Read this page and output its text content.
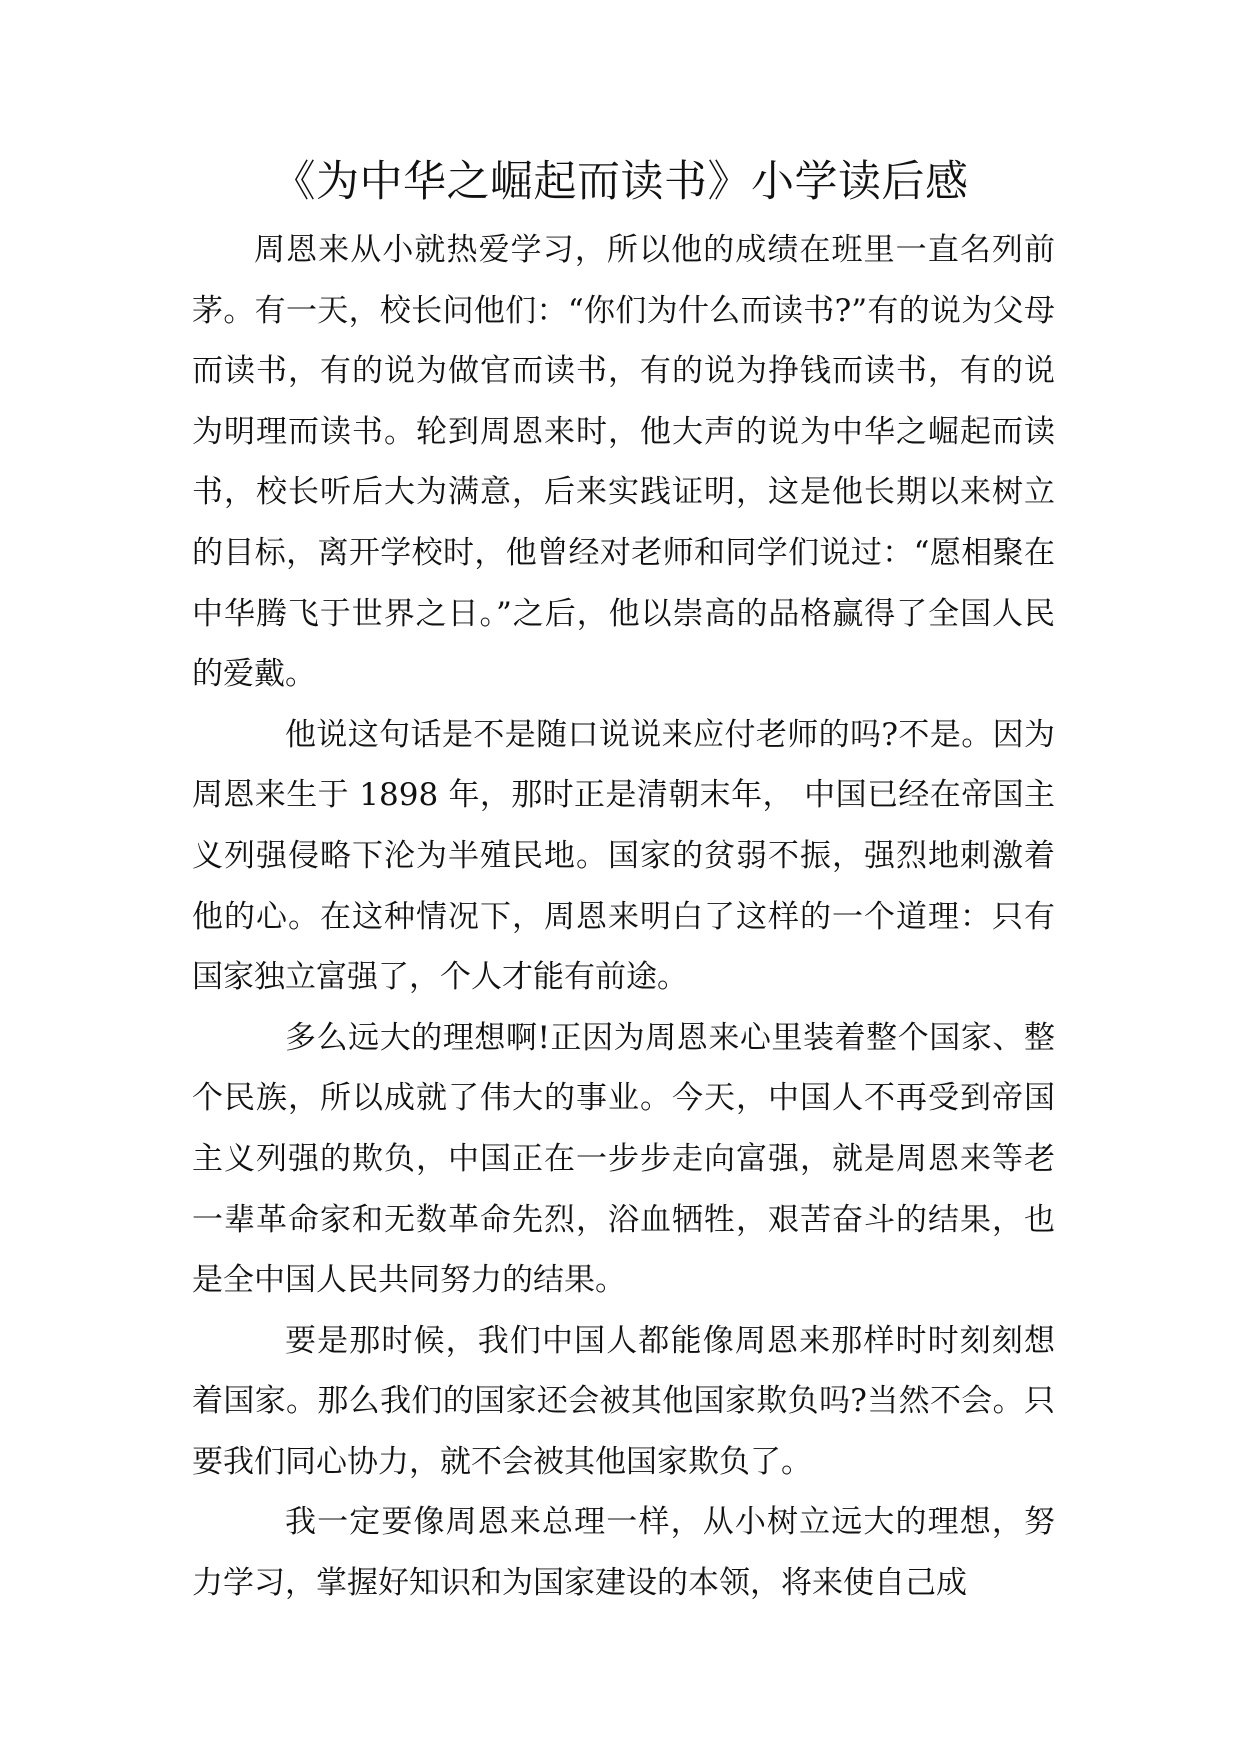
《为中华之崛起而读书》小学读后感

周恩来从小就热爱学习，所以他的成绩在班里一直名列前茅。有一天，校长问他们：“你们为什么而读书?”有的说为父母而读书，有的说为做官而读书，有的说为挣钱而读书，有的说为明理而读书。轮到周恩来时，他大声的说为中华之崛起而读书，校长听后大为满意，后来实践证明，这是他长期以来树立的目标，离开学校时，他曾经对老师和同学们说过：“愿相聚在中华腾飞于世界之日。”之后，他以崇高的品格赢得了全国人民的爱戴。

他说这句话是不是随口说说来应付老师的吗?不是。因为周恩来生于 1898 年，那时正是清朝末年， 中国已经在帝国主义列强侵略下沦为半殖民地。国家的贫弱不振，强烈地刺激着他的心。在这种情况下，周恩来明白了这样的一个道理：只有国家独立富强了，个人才能有前途。

多么远大的理想啊!正因为周恩来心里装着整个国家、整个民族，所以成就了伟大的事业。今天，中国人不再受到帝国主义列强的欺负，中国正在一步步走向富强，就是周恩来等老一辈革命家和无数革命先烈，浴血牺牲，艰苦奋斗的结果，也是全中国人民共同努力的结果。

要是那时候，我们中国人都能像周恩来那样时时刻刻想着国家。那么我们的国家还会被其他国家欺负吗?当然不会。只要我们同心协力，就不会被其他国家欺负了。

我一定要像周恩来总理一样，从小树立远大的理想，努力学习，掌握好知识和为国家建设的本领，将来使自己成
